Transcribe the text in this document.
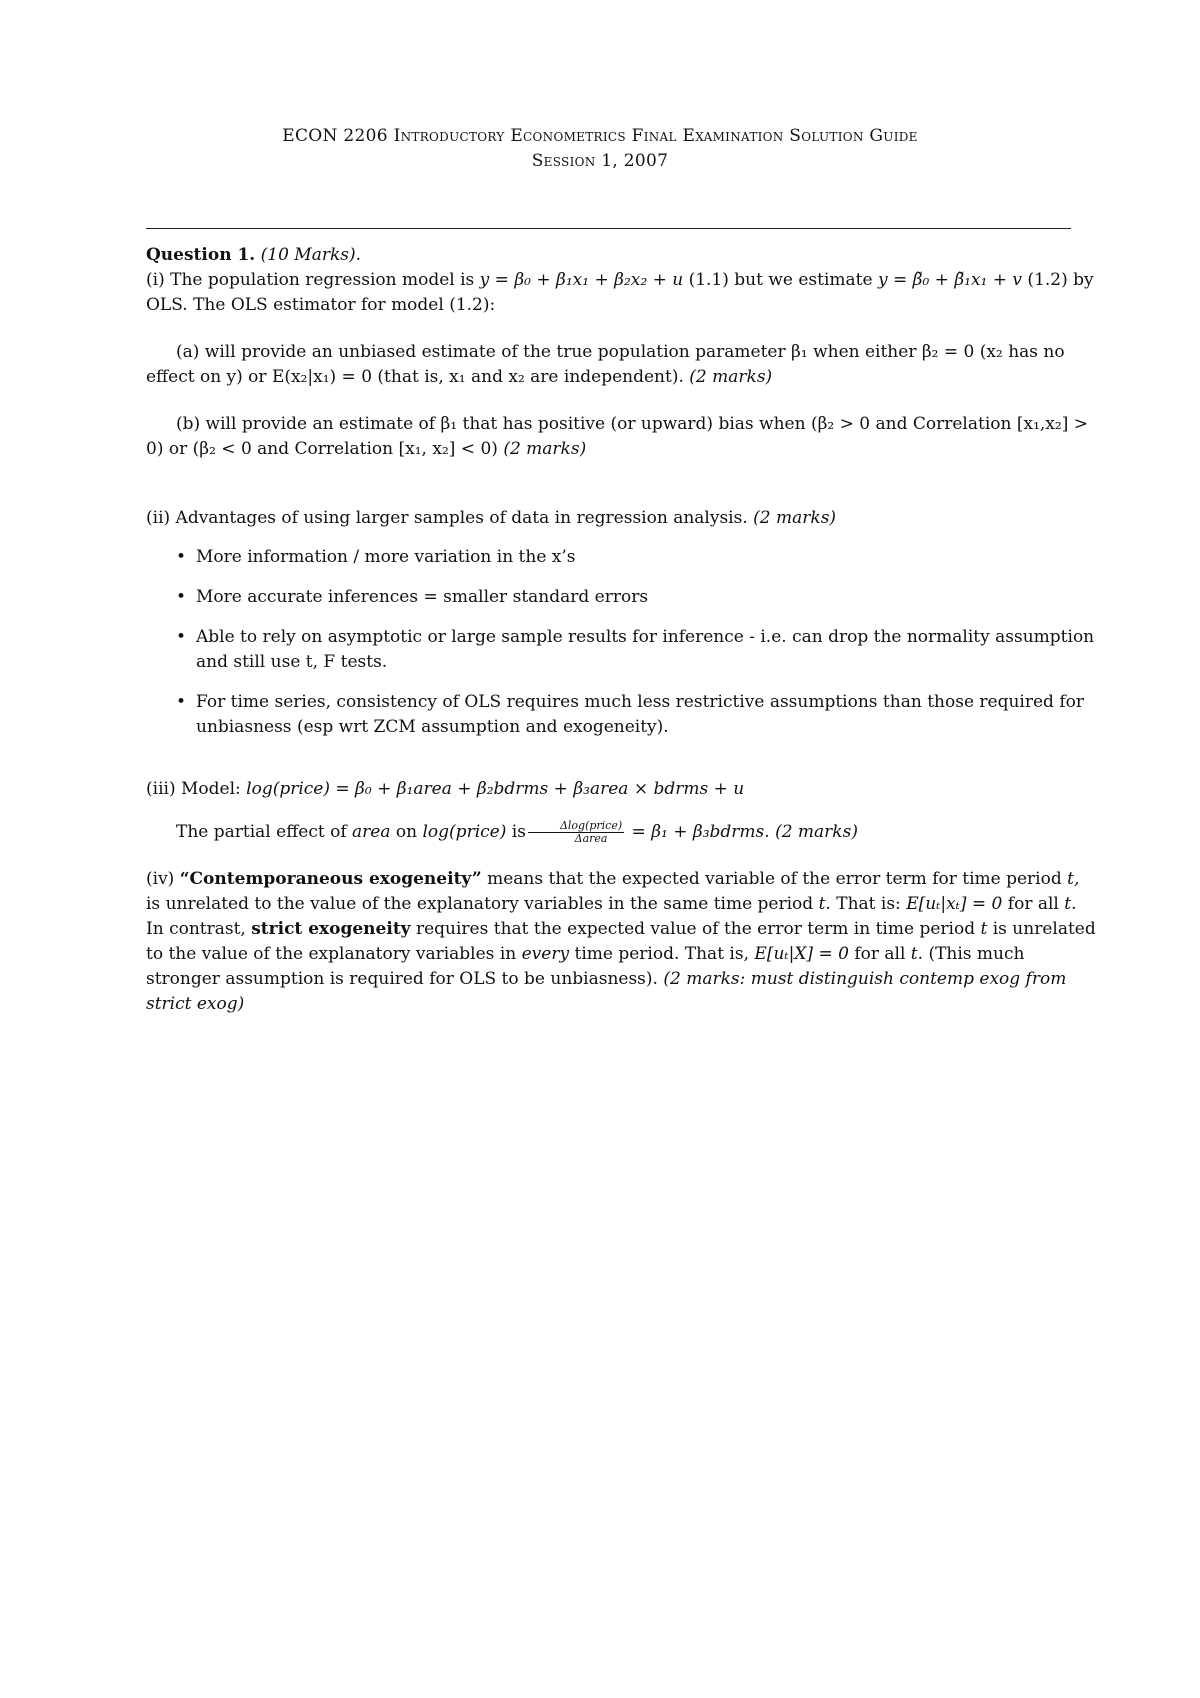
ECON 2206 Introductory Econometrics Final Examination Solution Guide
Session 1, 2007

Question 1. (10 Marks).

(i) The population regression model is y = β₀ + β₁x₁ + β₂x₂ + u (1.1) but we estimate y = β̃₀ + β̃₁x₁ + v (1.2) by OLS. The OLS estimator for model (1.2):

(a) will provide an unbiased estimate of the true population parameter β₁ when either β₂ = 0 (x₂ has no effect on y) or E(x₂|x₁) = 0 (that is, x₁ and x₂ are independent). (2 marks)

(b) will provide an estimate of β₁ that has positive (or upward) bias when (β₂ > 0 and Correlation [x₁,x₂] > 0) or (β₂ < 0 and Correlation [x₁, x₂] < 0) (2 marks)

(ii) Advantages of using larger samples of data in regression analysis. (2 marks)

• More information / more variation in the x’s
• More accurate inferences = smaller standard errors
• Able to rely on asymptotic or large sample results for inference - i.e. can drop the normality assumption and still use t, F tests.
• For time series, consistency of OLS requires much less restrictive assumptions than those required for unbiasness (esp wrt ZCM assumption and exogeneity).

(iii) Model: log(price) = β₀ + β₁area + β₂bdrms + β₃area × bdrms + u

The partial effect of area on log(price) is $\frac{\text{Δlog(price)}}{\text{Δarea}} = \beta_1$ + β₃bdrms. (2 marks)

(iv) “Contemporaneous exogeneity” means that the expected variable of the error term for time period t, is unrelated to the value of the explanatory variables in the same time period t. That is: E[uₜ|xₜ] = 0 for all t. In contrast, strict exogeneity requires that the expected value of the error term in time period t is unrelated to the value of the explanatory variables in every time period. That is, E[uₜ|X] = 0 for all t. (This much stronger assumption is required for OLS to be unbiasness). (2 marks: must distinguish contemp exog from strict exog)
